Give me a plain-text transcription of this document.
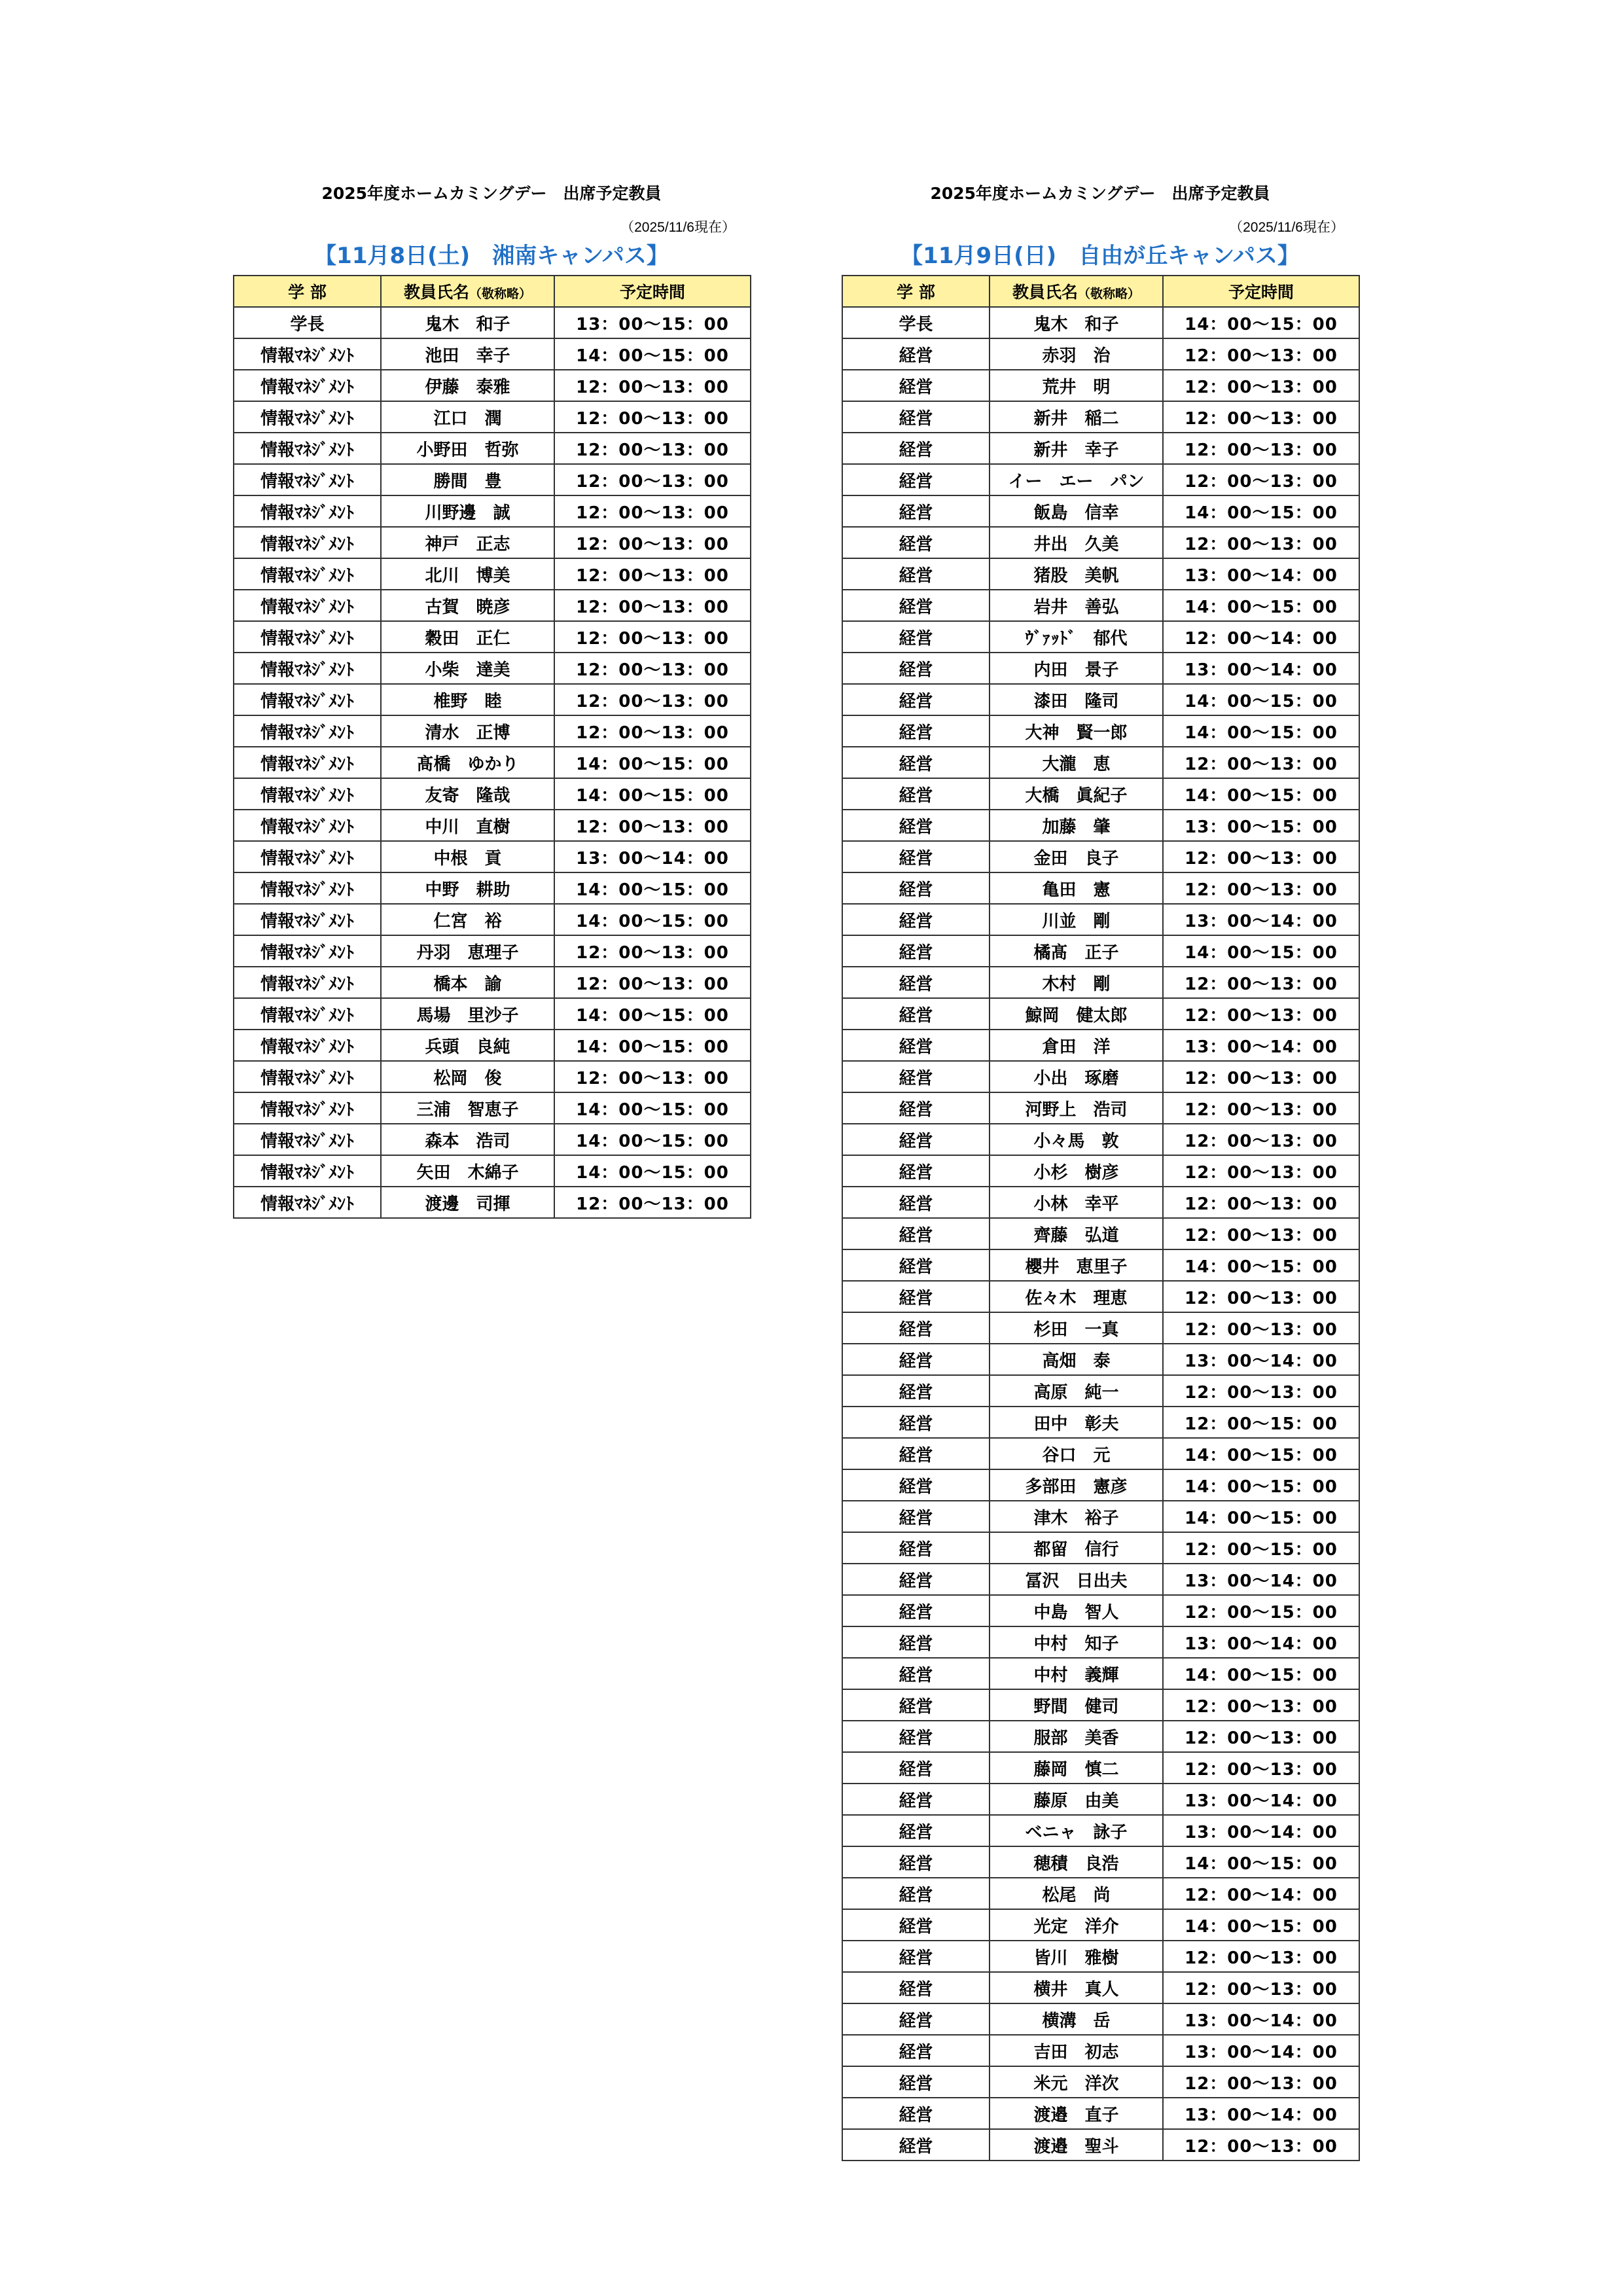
2025年度ホームカミングデー　出席予定教員
（2025/11/6現在）
【11月8日(土)　湘南キャンパス】
学 部	教員氏名（敬称略）	予定時間
学長	鬼木　和子	13：00～15：00
情報ﾏﾈｼﾞﾒﾝﾄ	池田　幸子	14：00～15：00
情報ﾏﾈｼﾞﾒﾝﾄ	伊藤　泰雅	12：00～13：00
情報ﾏﾈｼﾞﾒﾝﾄ	江口　潤	12：00～13：00
情報ﾏﾈｼﾞﾒﾝﾄ	小野田　哲弥	12：00～13：00
情報ﾏﾈｼﾞﾒﾝﾄ	勝間　豊	12：00～13：00
情報ﾏﾈｼﾞﾒﾝﾄ	川野邊　誠	12：00～13：00
情報ﾏﾈｼﾞﾒﾝﾄ	神戸　正志	12：00～13：00
情報ﾏﾈｼﾞﾒﾝﾄ	北川　博美	12：00～13：00
情報ﾏﾈｼﾞﾒﾝﾄ	古賀　暁彦	12：00～13：00
情報ﾏﾈｼﾞﾒﾝﾄ	穀田　正仁	12：00～13：00
情報ﾏﾈｼﾞﾒﾝﾄ	小柴　達美	12：00～13：00
情報ﾏﾈｼﾞﾒﾝﾄ	椎野　睦	12：00～13：00
情報ﾏﾈｼﾞﾒﾝﾄ	清水　正博	12：00～13：00
情報ﾏﾈｼﾞﾒﾝﾄ	髙橋　ゆかり	14：00～15：00
情報ﾏﾈｼﾞﾒﾝﾄ	友寄　隆哉	14：00～15：00
情報ﾏﾈｼﾞﾒﾝﾄ	中川　直樹	12：00～13：00
情報ﾏﾈｼﾞﾒﾝﾄ	中根　貢	13：00～14：00
情報ﾏﾈｼﾞﾒﾝﾄ	中野　耕助	14：00～15：00
情報ﾏﾈｼﾞﾒﾝﾄ	仁宮　裕	14：00～15：00
情報ﾏﾈｼﾞﾒﾝﾄ	丹羽　恵理子	12：00～13：00
情報ﾏﾈｼﾞﾒﾝﾄ	橋本　諭	12：00～13：00
情報ﾏﾈｼﾞﾒﾝﾄ	馬場　里沙子	14：00～15：00
情報ﾏﾈｼﾞﾒﾝﾄ	兵頭　良純	14：00～15：00
情報ﾏﾈｼﾞﾒﾝﾄ	松岡　俊	12：00～13：00
情報ﾏﾈｼﾞﾒﾝﾄ	三浦　智恵子	14：00～15：00
情報ﾏﾈｼﾞﾒﾝﾄ	森本　浩司	14：00～15：00
情報ﾏﾈｼﾞﾒﾝﾄ	矢田　木綿子	14：00～15：00
情報ﾏﾈｼﾞﾒﾝﾄ	渡邊　司揮	12：00～13：00
2025年度ホームカミングデー　出席予定教員
（2025/11/6現在）
【11月9日(日)　自由が丘キャンパス】
学 部	教員氏名（敬称略）	予定時間
学長	鬼木　和子	14：00～15：00
経営	赤羽　治	12：00～13：00
経営	荒井　明	12：00～13：00
経営	新井　稲二	12：00～13：00
経営	新井　幸子	12：00～13：00
経営	イー　エー　パン	12：00～13：00
経営	飯島　信幸	14：00～15：00
経営	井出　久美	12：00～13：00
経営	猪股　美帆	13：00～14：00
経営	岩井　善弘	14：00～15：00
経営	ｳﾞｧｯﾄﾞ　郁代	12：00～14：00
経営	内田　景子	13：00～14：00
経営	漆田　隆司	14：00～15：00
経営	大神　賢一郎	14：00～15：00
経営	大瀧　恵	12：00～13：00
経営	大橋　眞紀子	14：00～15：00
経営	加藤　肇	13：00～15：00
経営	金田　良子	12：00～13：00
経営	亀田　憲	12：00～13：00
経営	川並　剛	13：00～14：00
経営	橘髙　正子	14：00～15：00
経営	木村　剛	12：00～13：00
経営	鯨岡　健太郎	12：00～13：00
経営	倉田　洋	13：00～14：00
経営	小出　琢磨	12：00～13：00
経営	河野上　浩司	12：00～13：00
経営	小々馬　敦	12：00～13：00
経営	小杉　樹彦	12：00～13：00
経営	小林　幸平	12：00～13：00
経営	齊藤　弘道	12：00～13：00
経営	櫻井　恵里子	14：00～15：00
経営	佐々木　理恵	12：00～13：00
経営	杉田　一真	12：00～13：00
経営	高畑　泰	13：00～14：00
経営	高原　純一	12：00～13：00
経営	田中　彰夫	12：00～15：00
経営	谷口　元	14：00～15：00
経営	多部田　憲彦	14：00～15：00
経営	津木　裕子	14：00～15：00
経営	都留　信行	12：00～15：00
経営	冨沢　日出夫	13：00～14：00
経営	中島　智人	12：00～15：00
経営	中村　知子	13：00～14：00
経営	中村　義輝	14：00～15：00
経営	野間　健司	12：00～13：00
経営	服部　美香	12：00～13：00
経営	藤岡　慎二	12：00～13：00
経営	藤原　由美	13：00～14：00
経営	ベニャ　詠子	13：00～14：00
経営	穂積　良浩	14：00～15：00
経営	松尾　尚	12：00～14：00
経営	光定　洋介	14：00～15：00
経営	皆川　雅樹	12：00～13：00
経営	横井　真人	12：00～13：00
経営	横溝　岳	13：00～14：00
経営	吉田　初志	13：00～14：00
経営	米元　洋次	12：00～13：00
経営	渡邉　直子	13：00～14：00
経営	渡邉　聖斗	12：00～13：00
